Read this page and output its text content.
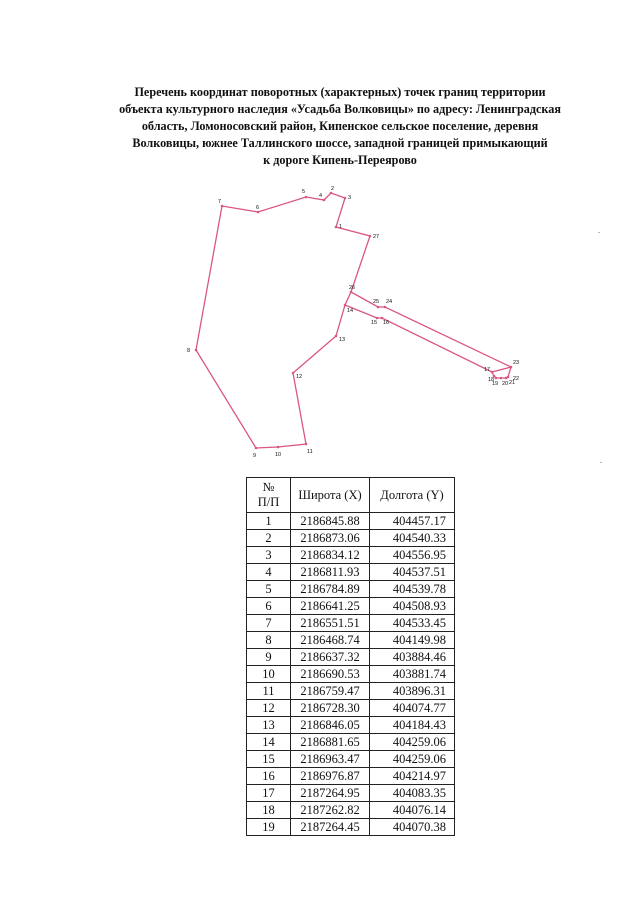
Перечень координат поворотных (характерных) точек границ территории
объекта культурного наследия «Усадьба Волковицы» по адресу: Ленинградская
область, Ломоносовский район, Кипенское сельское поселение, деревня
Волковицы, южнее Таллинского шоссе, западной границей примыкающий
к дороге Кипень-Переярово
7
6
5
4
2
3
1
27
26
25 24
14
15 16
13
8
12
9	10	11
23
17
18
19 20 21
22
№
П/П	Широта (X)	Долгота (Y)
1	2186845.88	404457.17
2	2186873.06	404540.33
3	2186834.12	404556.95
4	2186811.93	404537.51
5	2186784.89	404539.78
6	2186641.25	404508.93
7	2186551.51	404533.45
8	2186468.74	404149.98
9	2186637.32	403884.46
10	2186690.53	403881.74
11	2186759.47	403896.31
12	2186728.30	404074.77
13	2186846.05	404184.43
14	2186881.65	404259.06
15	2186963.47	404259.06
16	2186976.87	404214.97
17	2187264.95	404083.35
18	2187262.82	404076.14
19	2187264.45	404070.38
